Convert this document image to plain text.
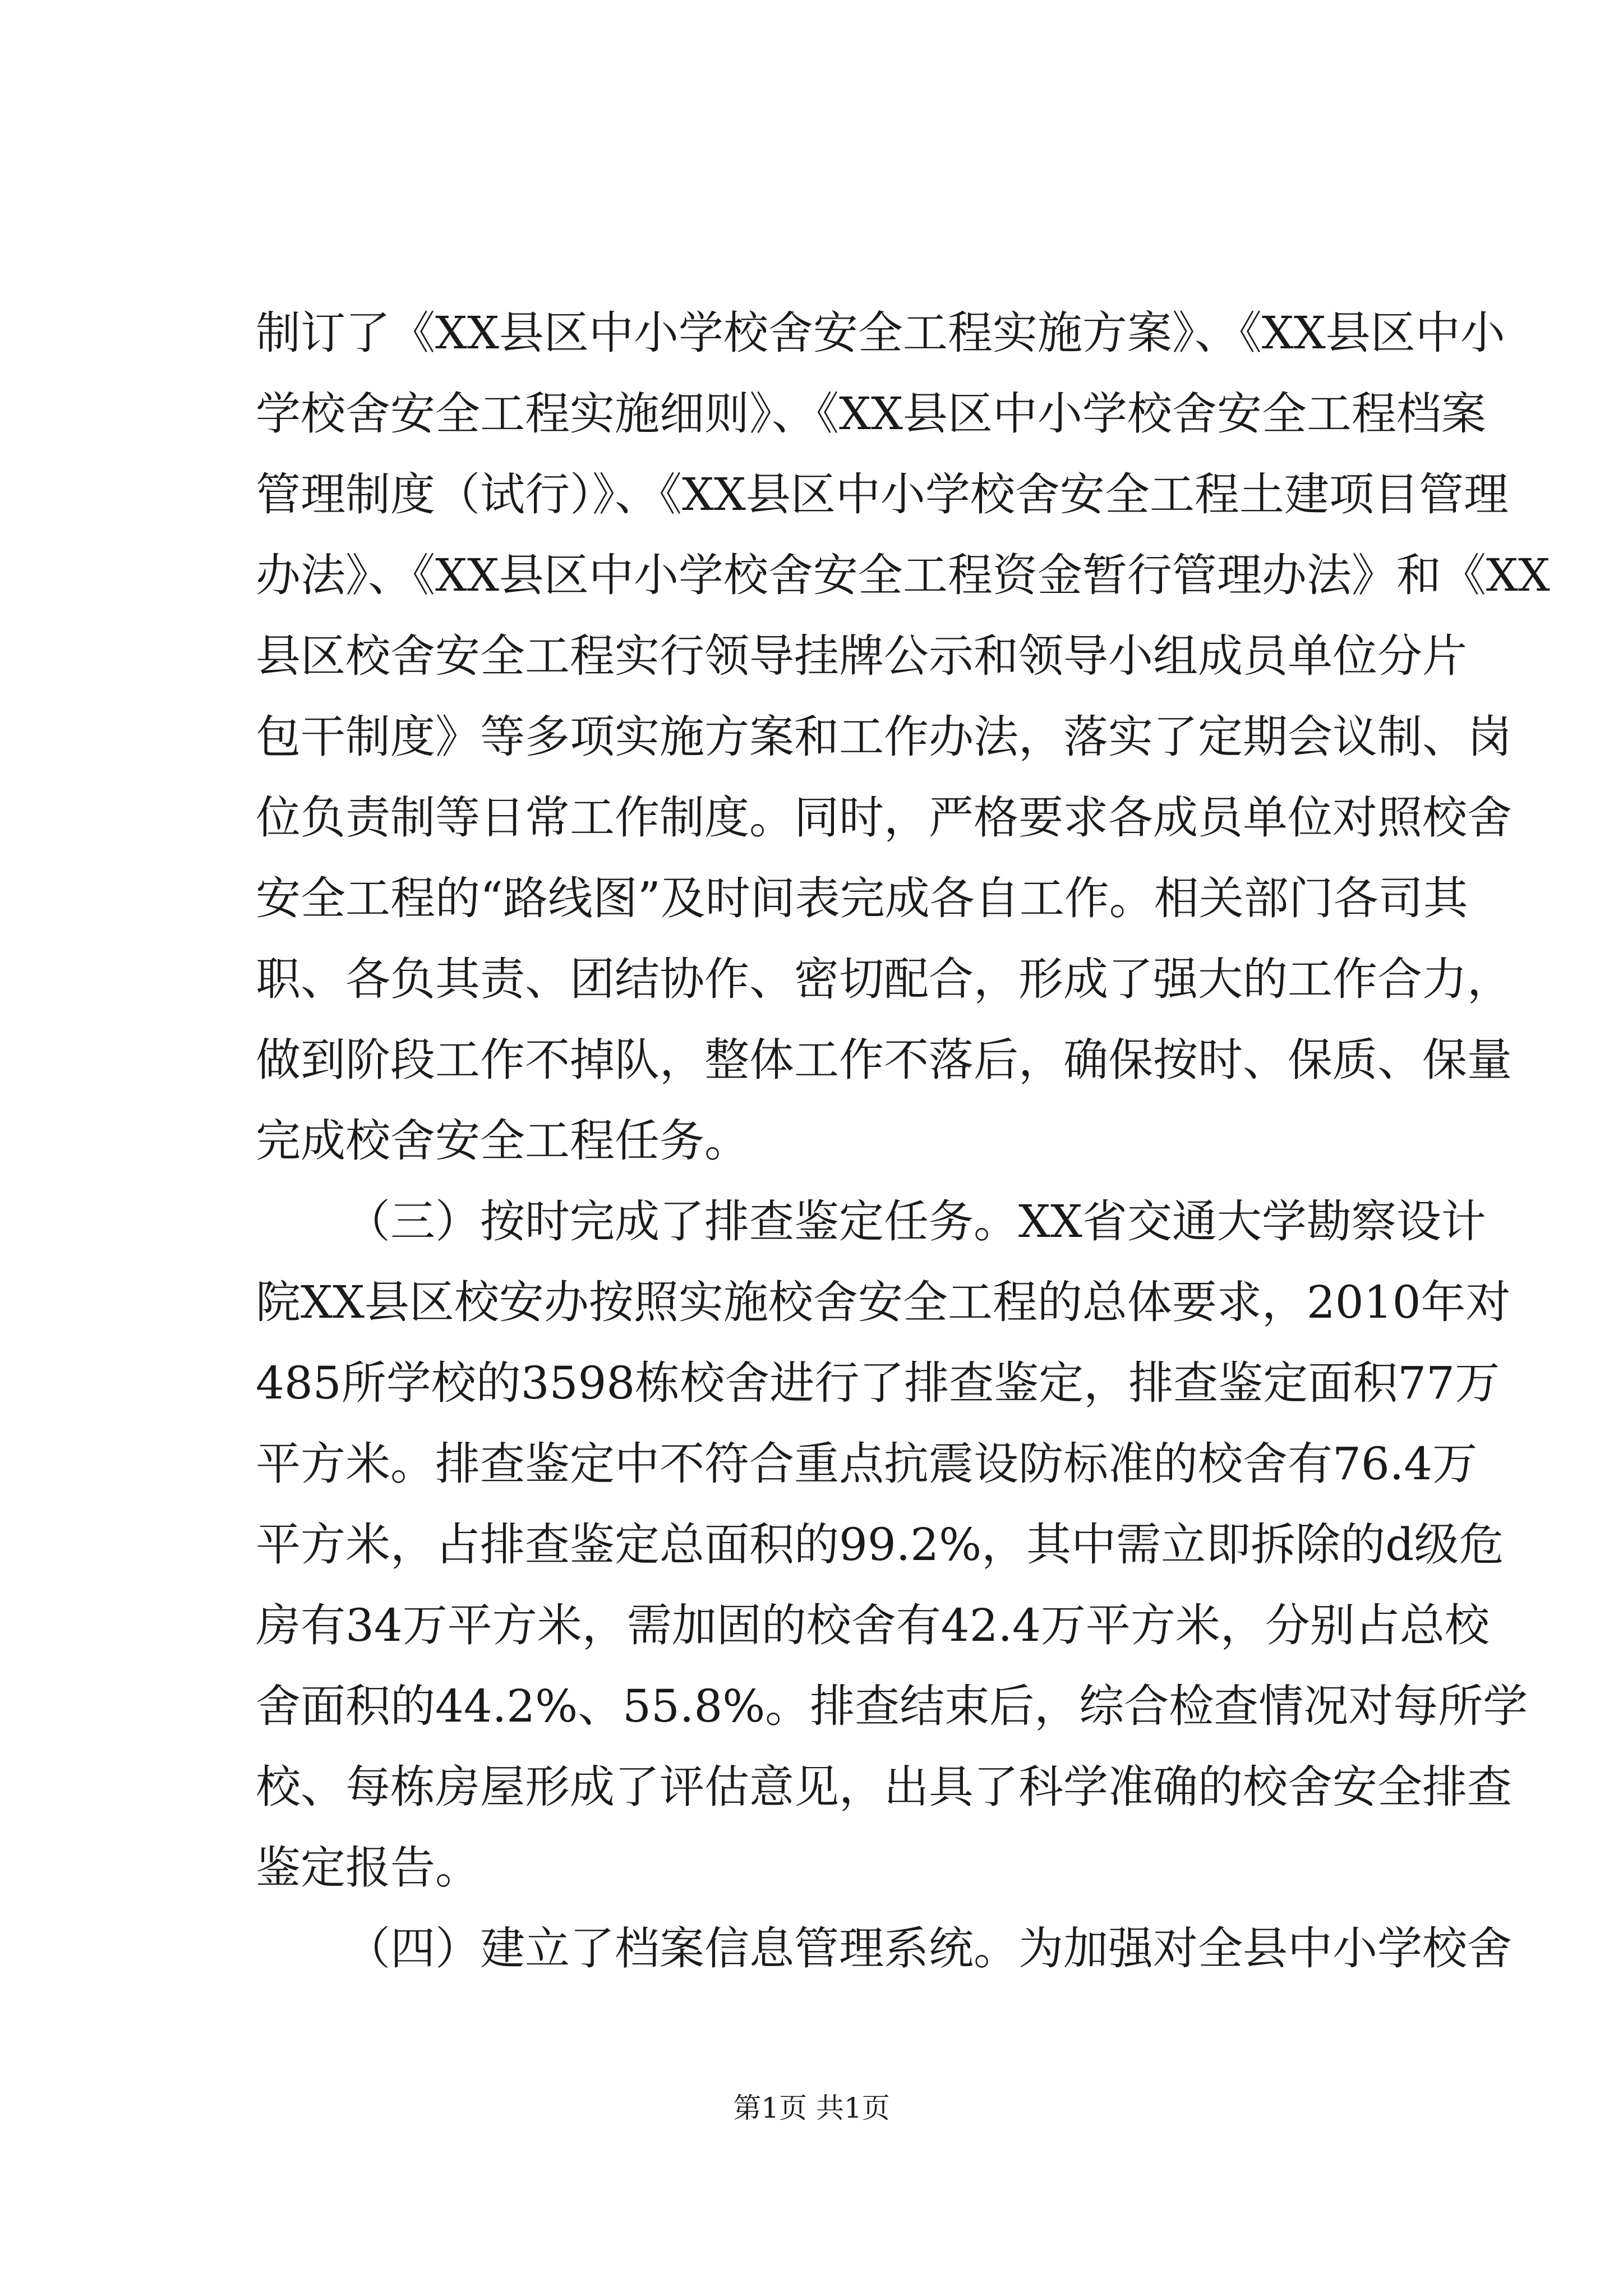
制订了《XX县区中小学校舍安全工程实施方案》、《XX县区中小
学校舍安全工程实施细则》、《XX县区中小学校舍安全工程档案
管理制度（试行）》、《XX县区中小学校舍安全工程土建项目管理
办法》、《XX县区中小学校舍安全工程资金暂行管理办法》和《XX
县区校舍安全工程实行领导挂牌公示和领导小组成员单位分片
包干制度》等多项实施方案和工作办法，落实了定期会议制、岗
位负责制等日常工作制度。同时，严格要求各成员单位对照校舍
安全工程的“路线图”及时间表完成各自工作。相关部门各司其
职、各负其责、团结协作、密切配合，形成了强大的工作合力，
做到阶段工作不掉队，整体工作不落后，确保按时、保质、保量
完成校舍安全工程任务。
（三）按时完成了排查鉴定任务。XX省交通大学勘察设计
院XX县区校安办按照实施校舍安全工程的总体要求，2010年对
485所学校的3598栋校舍进行了排查鉴定，排查鉴定面积77万
平方米。排查鉴定中不符合重点抗震设防标准的校舍有76.4万
平方米，占排查鉴定总面积的99.2%，其中需立即拆除的d级危
房有34万平方米，需加固的校舍有42.4万平方米，分别占总校
舍面积的44.2%、55.8%。排查结束后，综合检查情况对每所学
校、每栋房屋形成了评估意见，出具了科学准确的校舍安全排查
鉴定报告。
（四）建立了档案信息管理系统。为加强对全县中小学校舍
第1页 共1页
